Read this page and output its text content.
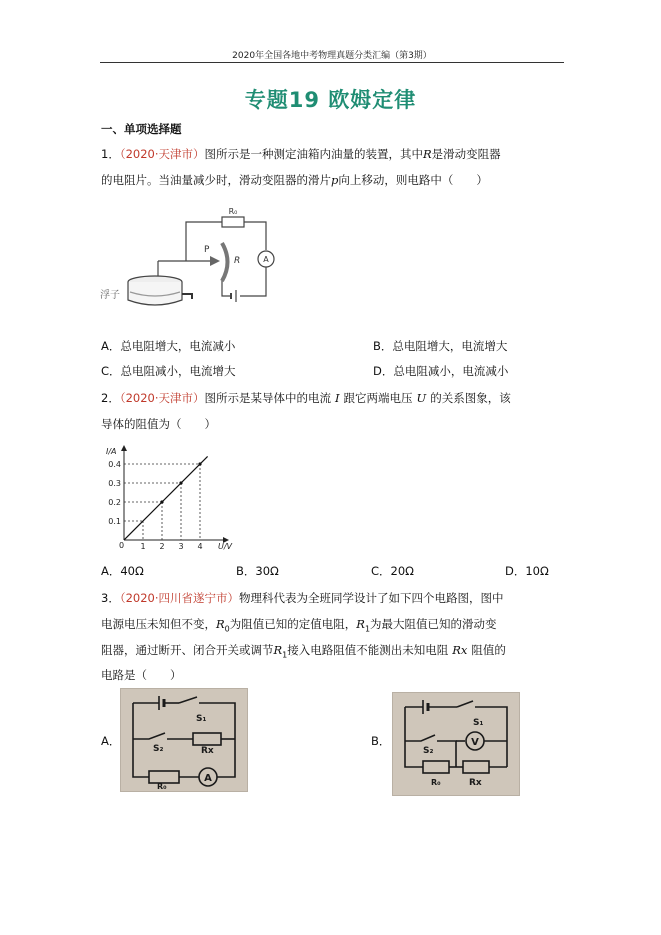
2020年全国各地中考物理真题分类汇编（第3期）
专题19 欧姆定律
一、单项选择题
1．（2020·天津市）图所示是一种测定油箱内油量的装置，其中R是滑动变阻器
的电阻片。当油量减少时，滑动变阻器的滑片p向上移动，则电路中（　　）
R₀
P
R	A
浮子
A．总电阻增大，电流减小	B．总电阻增大，电流增大
C．总电阻减小，电流增大	D．总电阻减小，电流减小
2．（2020·天津市）图所示是某导体中的电流 I 跟它两端电压 U 的关系图象，该
导体的阻值为（　　）
1 2 3 4
0.1
0.2
0.3
0.4
U/V
I/A
0
A．40Ω	B．30Ω	C．20Ω	D．10Ω
3．（2020·四川省遂宁市）物理科代表为全班同学设计了如下四个电路图，图中
电源电压未知但不变，$R_0$为阻值已知的定值电阻，$R_1$为最大阻值已知的滑动变
阻器，通过断开、闭合开关或调节$R_1$接入电路阻值不能测出未知电阻 Rx 阻值的
电路是（　　）
A．	B．
S₁
S₂	Rx
R₀
A
S₁
S₂
Rx
R₀
V
